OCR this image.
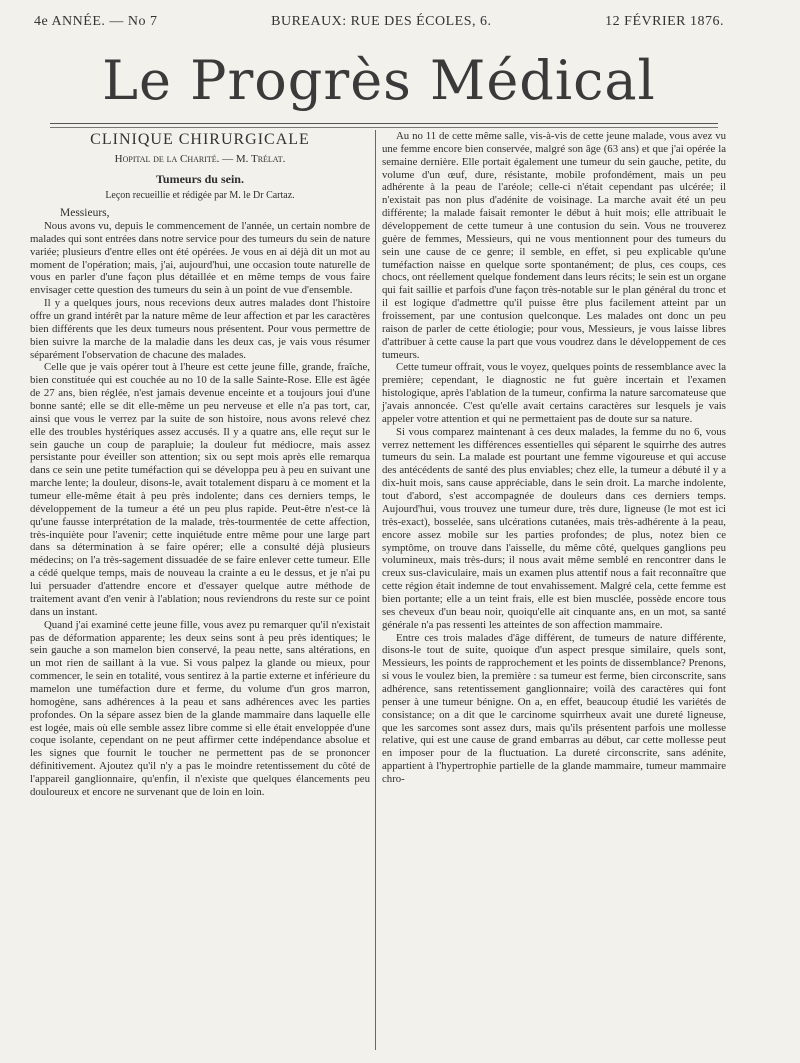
4e ANNÉE. — No 7	BUREAUX: RUE DES ÉCOLES, 6.	12 FÉVRIER 1876.
Le Progrès Médical
CLINIQUE CHIRURGICALE
Hopital de la Charité. — M. Trélat.
Tumeurs du sein.
Leçon recueillie et rédigée par M. le Dr Cartaz.
Messieurs,

Nous avons vu, depuis le commencement de l'année, un certain nombre de malades qui sont entrées dans notre service pour des tumeurs du sein de nature variée; plusieurs d'entre elles ont été opérées. Je vous en ai déjà dit un mot au moment de l'opération; mais, j'ai, aujourd'hui, une occasion toute naturelle de vous en parler d'une façon plus détaillée et en même temps de vous faire envisager cette question des tumeurs du sein à un point de vue d'ensemble.

Il y a quelques jours, nous recevions deux autres malades dont l'histoire offre un grand intérêt par la nature même de leur affection et par les caractères bien différents que les deux tumeurs nous présentent. Pour vous permettre de bien suivre la marche de la maladie dans les deux cas, je vais vous résumer séparément l'observation de chacune des malades.

Celle que je vais opérer tout à l'heure est cette jeune fille, grande, fraîche, bien constituée qui est couchée au no 10 de la salle Sainte-Rose. Elle est âgée de 27 ans, bien réglée, n'est jamais devenue enceinte et a toujours joui d'une bonne santé; elle se dit elle-même un peu nerveuse et elle n'a pas tort, car, ainsi que vous le verrez par la suite de son histoire, nous avons relevé chez elle des troubles hystériques assez accusés. Il y a quatre ans, elle reçut sur le sein gauche un coup de parapluie; la douleur fut médiocre, mais assez persistante pour éveiller son attention; six ou sept mois après elle remarqua dans ce sein une petite tuméfaction qui se développa peu à peu en suivant une marche lente; la douleur, disons-le, avait totalement disparu à ce moment et la tumeur elle-même était à peu près indolente; dans ces derniers temps, le développement de la tumeur a été un peu plus rapide. Peut-être n'est-ce là qu'une fausse interprétation de la malade, très-tourmentée de cette affection, très-inquiète pour l'avenir; cette inquiétude entre même pour une large part dans sa détermination à se faire opérer; elle a consulté déjà plusieurs médecins; on l'a très-sagement dissuadée de se faire enlever cette tumeur. Elle a cédé quelque temps, mais de nouveau la crainte a eu le dessus, et je n'ai pu lui persuader d'attendre encore et d'essayer quelque autre méthode de traitement avant d'en venir à l'ablation; nous reviendrons du reste sur ce point dans un instant.

Quand j'ai examiné cette jeune fille, vous avez pu remarquer qu'il n'existait pas de déformation apparente; les deux seins sont à peu près identiques; le sein gauche a son mamelon bien conservé, la peau nette, sans altérations, en un mot rien de saillant à la vue. Si vous palpez la glande ou mieux, pour commencer, le sein en totalité, vous sentirez à la partie externe et inférieure du mamelon une tuméfaction dure et ferme, du volume d'un gros marron, homogène, sans adhérences à la peau et sans adhérences avec les parties profondes. On la sépare assez bien de la glande mammaire dans laquelle elle est logée, mais où elle semble assez libre comme si elle était enveloppée d'une coque isolante, cependant on ne peut affirmer cette indépendance absolue et les signes que fournit le toucher ne permettent pas de se prononcer définitivement. Ajoutez qu'il n'y a pas le moindre retentissement du côté de l'appareil ganglionnaire, qu'enfin, il n'existe que quelques élancements peu douloureux et encore ne survenant que de loin en loin.

Au no 11 de cette même salle, vis-à-vis de cette jeune malade, vous avez vu une femme encore bien conservée, malgré son âge (63 ans) et que j'ai opérée la semaine dernière. Elle portait également une tumeur du sein gauche, petite, du volume d'un œuf, dure, résistante, mobile profondément, mais un peu adhérente à la peau de l'aréole; celle-ci n'était cependant pas ulcérée; il n'existait pas non plus d'adénite de voisinage. La marche avait été un peu différente; la malade faisait remonter le début à huit mois; elle attribuait le développement de cette tumeur à une contusion du sein. Vous ne trouverez guère de femmes, Messieurs, qui ne vous mentionnent pour des tumeurs du sein une cause de ce genre; il semble, en effet, si peu explicable qu'une tuméfaction naisse en quelque sorte spontanément; de plus, ces coups, ces chocs, ont réellement quelque fondement dans leurs récits; le sein est un organe qui fait saillie et parfois d'une façon très-notable sur le plan général du tronc et il est logique d'admettre qu'il puisse être plus facilement atteint par un froissement, par une contusion quelconque. Les malades ont donc un peu raison de parler de cette étiologie; pour vous, Messieurs, je vous laisse libres d'attribuer à cette cause la part que vous voudrez dans le développement de ces tumeurs.

Cette tumeur offrait, vous le voyez, quelques points de ressemblance avec la première; cependant, le diagnostic ne fut guère incertain et l'examen histologique, après l'ablation de la tumeur, confirma la nature sarcomateuse que j'avais annoncée. C'est qu'elle avait certains caractères sur lesquels je vais appeler votre attention et qui ne permettaient pas de doute sur sa nature.

Si vous comparez maintenant à ces deux malades, la femme du no 6, vous verrez nettement les différences essentielles qui séparent le squirrhe des autres tumeurs du sein. La malade est pourtant une femme vigoureuse et qui accuse des antécédents de santé des plus enviables; chez elle, la tumeur a débuté il y a dix-huit mois, sans cause appréciable, dans le sein droit. La marche indolente, tout d'abord, s'est accompagnée de douleurs dans ces derniers temps. Aujourd'hui, vous trouvez une tumeur dure, très dure, ligneuse (le mot est ici très-exact), bosselée, sans ulcérations cutanées, mais très-adhérente à la peau, encore assez mobile sur les parties profondes; de plus, notez bien ce symptôme, on trouve dans l'aisselle, du même côté, quelques ganglions peu volumineux, mais très-durs; il nous avait même semblé en rencontrer dans le creux sus-claviculaire, mais un examen plus attentif nous a fait reconnaître que cette région était indemne de tout envahissement. Malgré cela, cette femme est bien portante; elle a un teint frais, elle est bien musclée, possède encore tous ses cheveux d'un beau noir, quoiqu'elle ait cinquante ans, en un mot, sa santé générale n'a pas ressenti les atteintes de son affection mammaire.

Entre ces trois malades d'âge différent, de tumeurs de nature différente, disons-le tout de suite, quoique d'un aspect presque similaire, quels sont, Messieurs, les points de rapprochement et les points de dissemblance? Prenons, si vous le voulez bien, la première : sa tumeur est ferme, bien circonscrite, sans adhérence, sans retentissement ganglionnaire; voilà des caractères qui font penser à une tumeur bénigne. On a, en effet, beaucoup étudié les variétés de consistance; on a dit que le carcinome squirrheux avait une dureté ligneuse, que les sarcomes sont assez durs, mais qu'ils présentent parfois une mollesse relative, qui est une cause de grand embarras au début, car cette mollesse peut en imposer pour de la fluctuation. La dureté circonscrite, sans adénite, appartient à l'hypertrophie partielle de la glande mammaire, tumeur mammaire chro-
